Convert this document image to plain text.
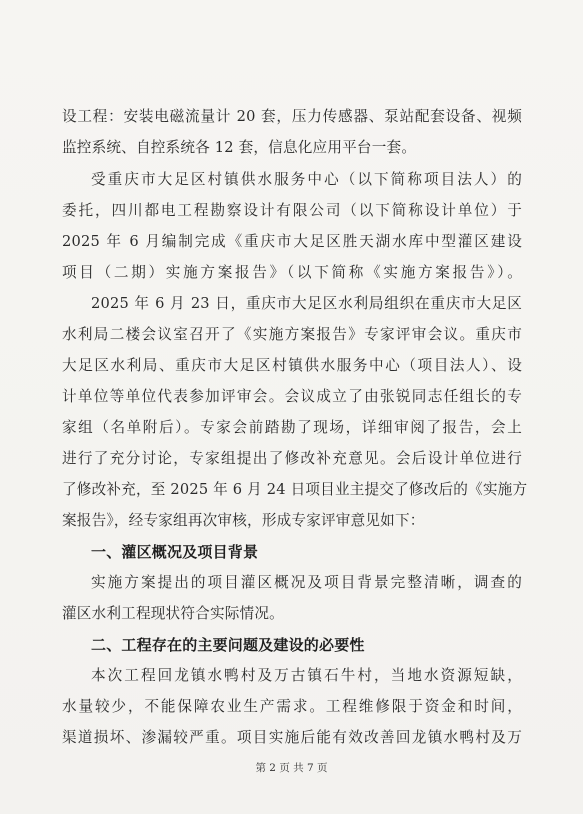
设工程：安装电磁流量计 20 套，压力传感器、泵站配套设备、视频
监控系统、自控系统各 12 套，信息化应用平台一套。
受重庆市大足区村镇供水服务中心（以下简称项目法人）的
委托，四川都电工程勘察设计有限公司（以下简称设计单位）于
2025 年 6 月编制完成《重庆市大足区胜天湖水库中型灌区建设
项目（二期）实施方案报告》（以下简称《实施方案报告》）。
2025 年 6 月 23 日，重庆市大足区水利局组织在重庆市大足区
水利局二楼会议室召开了《实施方案报告》专家评审会议。重庆市
大足区水利局、重庆市大足区村镇供水服务中心（项目法人）、设
计单位等单位代表参加评审会。会议成立了由张锐同志任组长的专
家组（名单附后）。专家会前踏勘了现场，详细审阅了报告，会上
进行了充分讨论，专家组提出了修改补充意见。会后设计单位进行
了修改补充，至 2025 年 6 月 24 日项目业主提交了修改后的《实施方
案报告》，经专家组再次审核，形成专家评审意见如下：
一、灌区概况及项目背景
实施方案提出的项目灌区概况及项目背景完整清晰，调查的
灌区水利工程现状符合实际情况。
二、工程存在的主要问题及建设的必要性
本次工程回龙镇水鸭村及万古镇石牛村，当地水资源短缺，
水量较少，不能保障农业生产需求。工程维修限于资金和时间，
渠道损坏、渗漏较严重。项目实施后能有效改善回龙镇水鸭村及万
第 2 页 共 7 页
